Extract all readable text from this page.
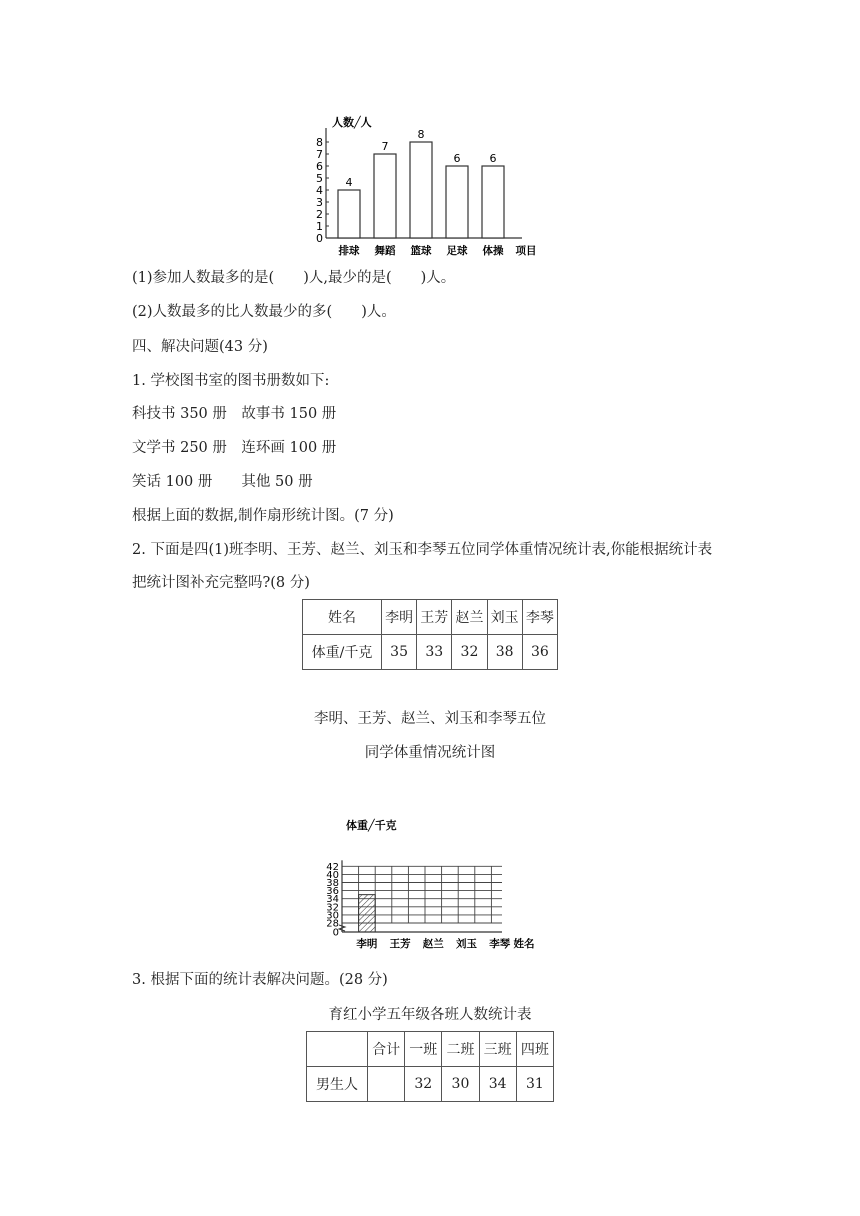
人数╱人
0
1
2
3
4
5
6
7
8
4
排球
7
舞蹈
8
篮球
6
足球
6
体操 项目
(1)参加人数最多的是(　　)人,最少的是(　　)人。
(2)人数最多的比人数最少的多(　　)人。
四、解决问题(43 分)
1. 学校图书室的图书册数如下:
科技书 350 册　故事书 150 册
文学书 250 册　连环画 100 册
笑话 100 册　　其他 50 册
根据上面的数据,制作扇形统计图。(7 分)
2. 下面是四(1)班李明、王芳、赵兰、刘玉和李琴五位同学体重情况统计表,你能根据统计表
把统计图补充完整吗?(8 分)
姓名	李明	王芳	赵兰	刘玉	李琴
体重/千克	35	33	32	38	36
李明、王芳、赵兰、刘玉和李琴五位
同学体重情况统计图
体重╱千克
0
28
30
32
34
36
38
40
42
李明 王芳 赵兰 刘玉 李琴 姓名
3. 根据下面的统计表解决问题。(28 分)
育红小学五年级各班人数统计表
	合计	一班	二班	三班	四班
男生人		32	30	34	31
